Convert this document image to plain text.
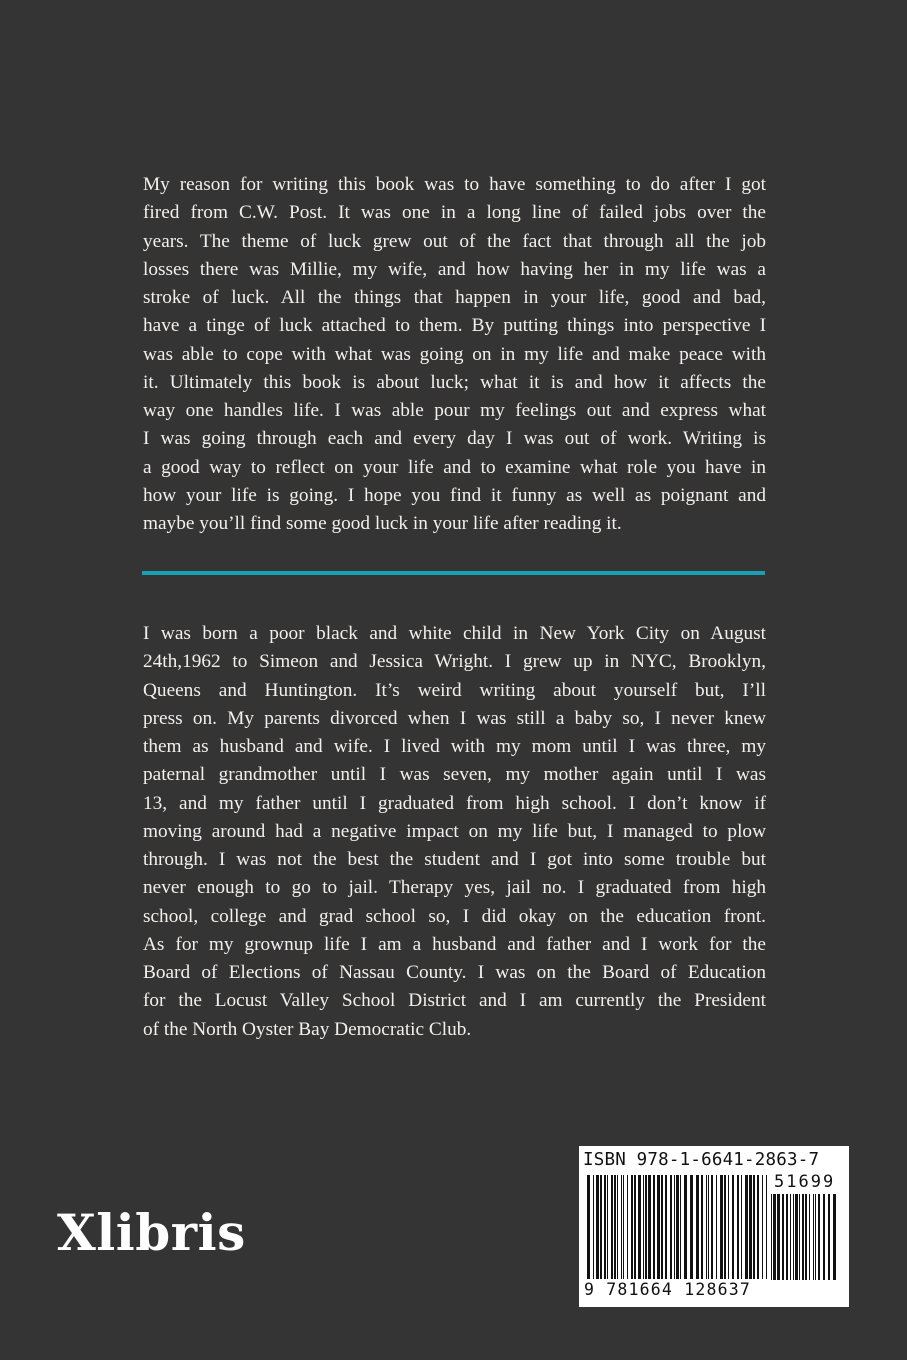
My reason for writing this book was to have something to do after I got
fired from C.W. Post. It was one in a long line of failed jobs over the
years. The theme of luck grew out of the fact that through all the job
losses there was Millie, my wife, and how having her in my life was a
stroke of luck. All the things that happen in your life, good and bad,
have a tinge of luck attached to them. By putting things into perspective I
was able to cope with what was going on in my life and make peace with
it. Ultimately this book is about luck; what it is and how it affects the
way one handles life. I was able pour my feelings out and express what
I was going through each and every day I was out of work. Writing is
a good way to reflect on your life and to examine what role you have in
how your life is going. I hope you find it funny as well as poignant and
maybe you’ll find some good luck in your life after reading it.
I was born a poor black and white child in New York City on August
24th,1962 to Simeon and Jessica Wright. I grew up in NYC, Brooklyn,
Queens and Huntington. It’s weird writing about yourself but, I’ll
press on. My parents divorced when I was still a baby so, I never knew
them as husband and wife. I lived with my mom until I was three, my
paternal grandmother until I was seven, my mother again until I was
13, and my father until I graduated from high school. I don’t know if
moving around had a negative impact on my life but, I managed to plow
through. I was not the best the student and I got into some trouble but
never enough to go to jail. Therapy yes, jail no. I graduated from high
school, college and grad school so, I did okay on the education front.
As for my grownup life I am a husband and father and I work for the
Board of Elections of Nassau County. I was on the Board of Education
for the Locust Valley School District and I am currently the President
of the North Oyster Bay Democratic Club.
Xlibris
ISBN 978-1-6641-2863-7
51699
9 781664 128637
